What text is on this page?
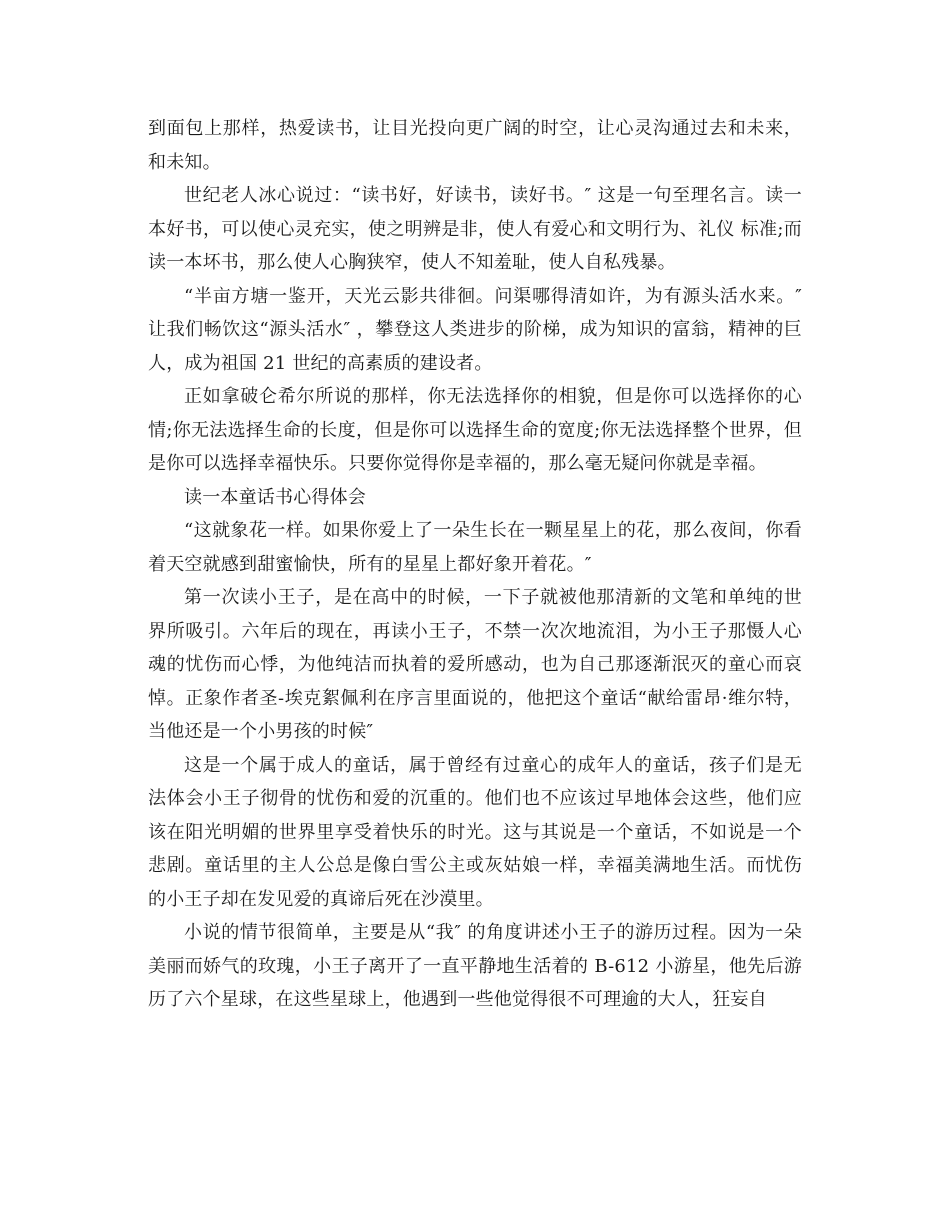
到面包上那样，热爱读书，让目光投向更广阔的时空，让心灵沟通过去和未来，和未知。

世纪老人冰心说过：“读书好，好读书，读好书。″ 这是一句至理名言。读一本好书，可以使心灵充实，使之明辨是非，使人有爱心和文明行为、礼仪 标准;而读一本坏书，那么使人心胸狭窄，使人不知羞耻，使人自私残暴。

“半亩方塘一鉴开，天光云影共徘徊。问渠哪得清如许，为有源头活水来。″ 让我们畅饮这“源头活水″ ，攀登这人类进步的阶梯，成为知识的富翁，精神的巨人，成为祖国 21 世纪的高素质的建设者。

正如拿破仑希尔所说的那样，你无法选择你的相貌，但是你可以选择你的心情;你无法选择生命的长度，但是你可以选择生命的宽度;你无法选择整个世界，但是你可以选择幸福快乐。只要你觉得你是幸福的，那么毫无疑问你就是幸福。

读一本童话书心得体会

“这就象花一样。如果你爱上了一朵生长在一颗星星上的花，那么夜间，你看着天空就感到甜蜜愉快，所有的星星上都好象开着花。″

第一次读小王子，是在高中的时候，一下子就被他那清新的文笔和单纯的世界所吸引。六年后的现在，再读小王子，不禁一次次地流泪，为小王子那慑人心魂的忧伤而心悸，为他纯洁而执着的爱所感动，也为自己那逐渐泯灭的童心而哀悼。正象作者圣-埃克絮佩利在序言里面说的，他把这个童话“献给雷昂·维尔特，当他还是一个小男孩的时候″

这是一个属于成人的童话，属于曾经有过童心的成年人的童话，孩子们是无法体会小王子彻骨的忧伤和爱的沉重的。他们也不应该过早地体会这些，他们应该在阳光明媚的世界里享受着快乐的时光。这与其说是一个童话，不如说是一个悲剧。童话里的主人公总是像白雪公主或灰姑娘一样，幸福美满地生活。而忧伤的小王子却在发见爱的真谛后死在沙漠里。

小说的情节很简单，主要是从“我″ 的角度讲述小王子的游历过程。因为一朵美丽而娇气的玫瑰，小王子离开了一直平静地生活着的 B-612 小游星，他先后游历了六个星球，在这些星球上，他遇到一些他觉得很不可理逾的大人，狂妄自
